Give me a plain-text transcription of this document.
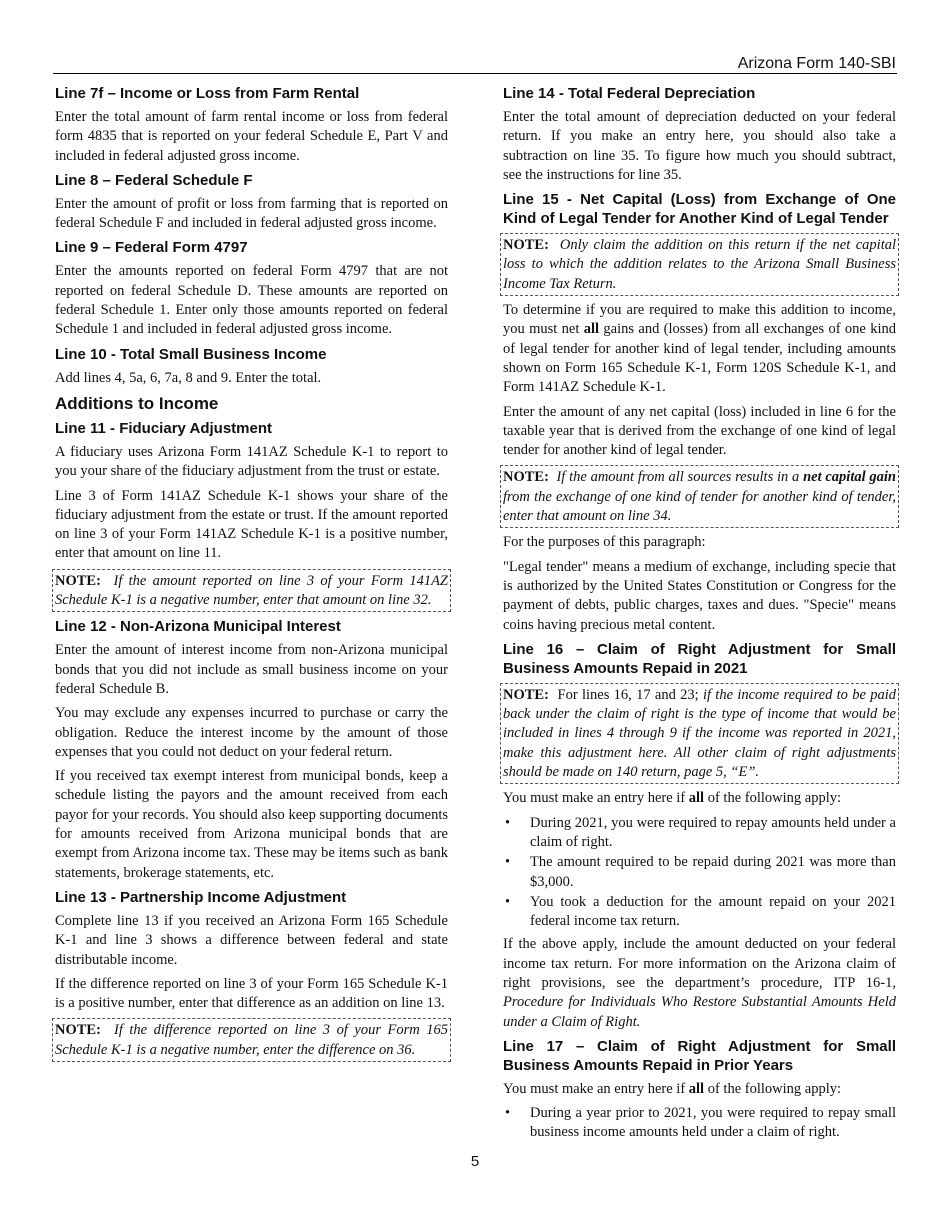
Arizona Form 140-SBI
Line 7f – Income or Loss from Farm Rental

Enter the total amount of farm rental income or loss from federal form 4835 that is reported on your federal Schedule E, Part V and included in federal adjusted gross income.

Line 8 – Federal Schedule F

Enter the amount of profit or loss from farming that is reported on federal Schedule F and included in federal adjusted gross income.

Line 9 – Federal Form 4797

Enter the amounts reported on federal Form 4797 that are not reported on federal Schedule D. These amounts are reported on federal Schedule 1. Enter only those amounts reported on federal Schedule 1 and included in federal adjusted gross income.

Line 10 - Total Small Business Income

Add lines 4, 5a, 6, 7a, 8 and 9. Enter the total.

Additions to Income
Line 11 - Fiduciary Adjustment

A fiduciary uses Arizona Form 141AZ Schedule K-1 to report to you your share of the fiduciary adjustment from the trust or estate.

Line 3 of Form 141AZ Schedule K-1 shows your share of the fiduciary adjustment from the estate or trust. If the amount reported on line 3 of your Form 141AZ Schedule K-1 is a positive number, enter that amount on line 11.

NOTE: If the amount reported on line 3 of your Form 141AZ Schedule K-1 is a negative number, enter that amount on line 32.
Line 12 - Non-Arizona Municipal Interest

Enter the amount of interest income from non-Arizona municipal bonds that you did not include as small business income on your federal Schedule B.

You may exclude any expenses incurred to purchase or carry the obligation. Reduce the interest income by the amount of those expenses that you could not deduct on your federal return.

If you received tax exempt interest from municipal bonds, keep a schedule listing the payors and the amount received from each payor for your records. You should also keep supporting documents for amounts received from Arizona municipal bonds that are exempt from Arizona income tax. These may be items such as bank statements, brokerage statements, etc.

Line 13 - Partnership Income Adjustment

Complete line 13 if you received an Arizona Form 165 Schedule K-1 and line 3 shows a difference between federal and state distributable income.

If the difference reported on line 3 of your Form 165 Schedule K-1 is a positive number, enter that difference as an addition on line 13.

NOTE: If the difference reported on line 3 of your Form 165 Schedule K-1 is a negative number, enter the difference on 36.
Line 14 - Total Federal Depreciation

Enter the total amount of depreciation deducted on your federal return. If you make an entry here, you should also take a subtraction on line 35. To figure how much you should subtract, see the instructions for line 35.

Line 15 - Net Capital (Loss) from Exchange of One Kind of Legal Tender for Another Kind of Legal Tender
NOTE: Only claim the addition on this return if the net capital loss to which the addition relates to the Arizona Small Business Income Tax Return.

To determine if you are required to make this addition to income, you must net all gains and (losses) from all exchanges of one kind of legal tender for another kind of legal tender, including amounts shown on Form 165 Schedule K-1, Form 120S Schedule K-1, and Form 141AZ Schedule K-1.

Enter the amount of any net capital (loss) included in line 6 for the taxable year that is derived from the exchange of one kind of legal tender for another kind of legal tender.

NOTE: If the amount from all sources results in a net capital gain from the exchange of one kind of tender for another kind of tender, enter that amount on line 34.

For the purposes of this paragraph:

"Legal tender" means a medium of exchange, including specie that is authorized by the United States Constitution or Congress for the payment of debts, public charges, taxes and dues. "Specie" means coins having precious metal content.

Line 16 – Claim of Right Adjustment for Small Business Amounts Repaid in 2021
NOTE: For lines 16, 17 and 23; if the income required to be paid back under the claim of right is the type of income that would be included in lines 4 through 9 if the income was reported in 2021, make this adjustment here. All other claim of right adjustments should be made on 140 return, page 5, “E”.

You must make an entry here if all of the following apply:

• During 2021, you were required to repay amounts held under a claim of right.
• The amount required to be repaid during 2021 was more than $3,000.
• You took a deduction for the amount repaid on your 2021 federal income tax return.

If the above apply, include the amount deducted on your federal income tax return. For more information on the Arizona claim of right provisions, see the department’s procedure, ITP 16-1, Procedure for Individuals Who Restore Substantial Amounts Held under a Claim of Right.

Line 17 – Claim of Right Adjustment for Small Business Amounts Repaid in Prior Years

You must make an entry here if all of the following apply:

• During a year prior to 2021, you were required to repay small business income amounts held under a claim of right.
5
